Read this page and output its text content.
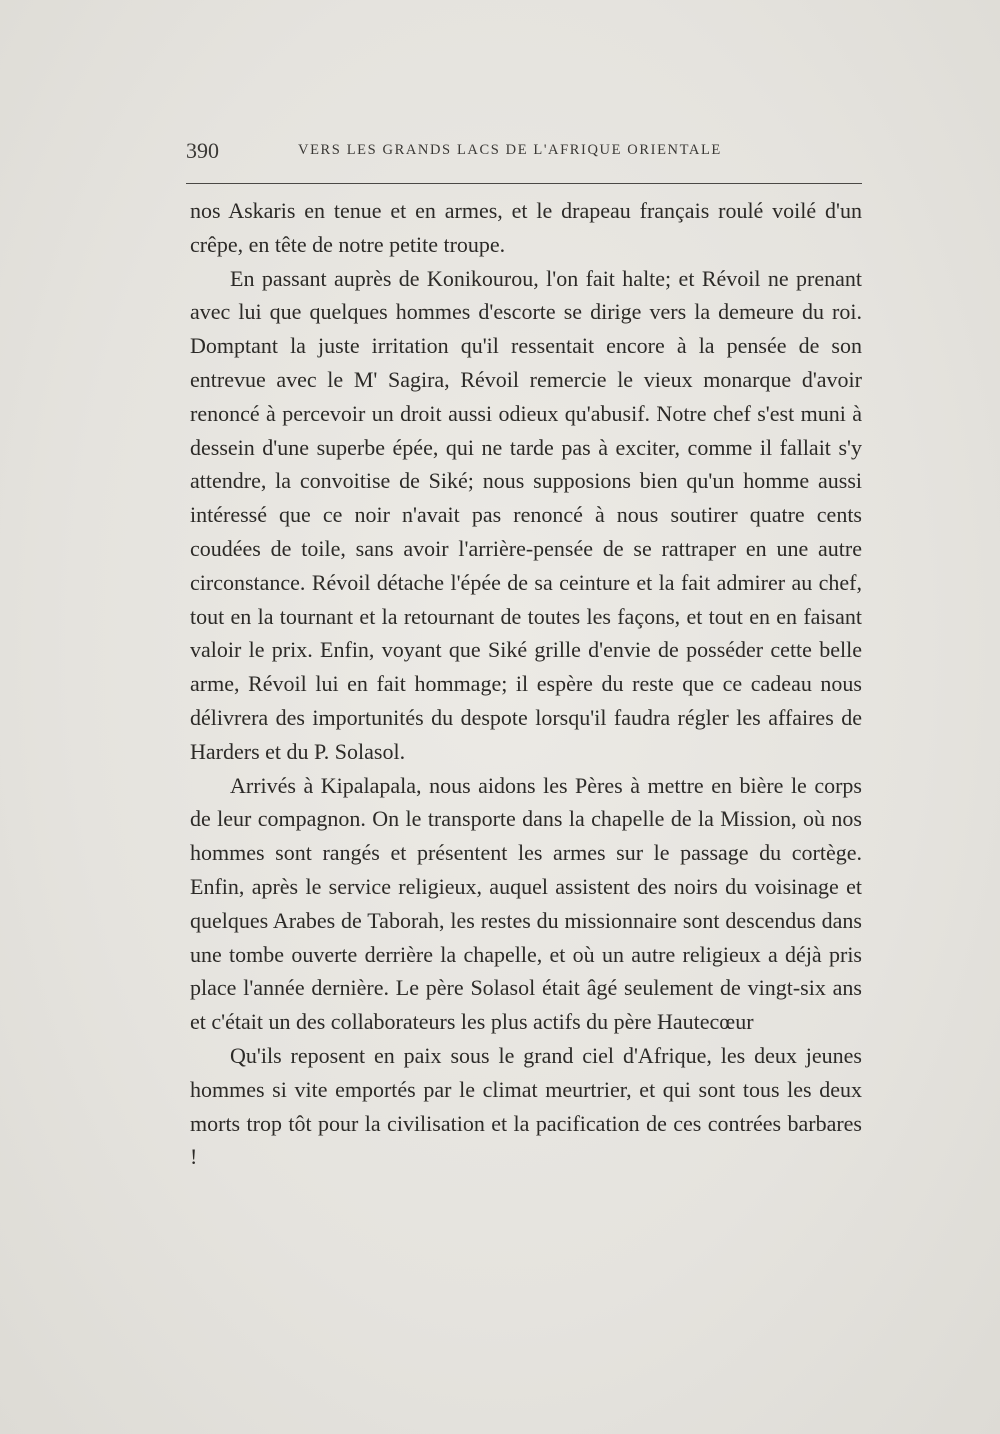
390	VERS LES GRANDS LACS DE L'AFRIQUE ORIENTALE

nos Askaris en tenue et en armes, et le drapeau français roulé voilé d'un crêpe, en tête de notre petite troupe.

En passant auprès de Konikourou, l'on fait halte; et Révoil ne prenant avec lui que quelques hommes d'escorte se dirige vers la demeure du roi. Domptant la juste irritation qu'il ressentait encore à la pensée de son entrevue avec le M' Sagira, Révoil remercie le vieux monarque d'avoir renoncé à percevoir un droit aussi odieux qu'abusif. Notre chef s'est muni à dessein d'une superbe épée, qui ne tarde pas à exciter, comme il fallait s'y attendre, la convoitise de Siké; nous supposions bien qu'un homme aussi intéressé que ce noir n'avait pas renoncé à nous soutirer quatre cents coudées de toile, sans avoir l'arrière-pensée de se rattraper en une autre circonstance. Révoil détache l'épée de sa ceinture et la fait admirer au chef, tout en la tournant et la retournant de toutes les façons, et tout en en faisant valoir le prix. Enfin, voyant que Siké grille d'envie de posséder cette belle arme, Révoil lui en fait hommage; il espère du reste que ce cadeau nous délivrera des importunités du despote lorsqu'il faudra régler les affaires de Harders et du P. Solasol.

Arrivés à Kipalapala, nous aidons les Pères à mettre en bière le corps de leur compagnon. On le transporte dans la chapelle de la Mission, où nos hommes sont rangés et présentent les armes sur le passage du cortège. Enfin, après le service religieux, auquel assistent des noirs du voisinage et quelques Arabes de Taborah, les restes du missionnaire sont descendus dans une tombe ouverte derrière la chapelle, et où un autre religieux a déjà pris place l'année dernière. Le père Solasol était âgé seulement de vingt-six ans et c'était un des collaborateurs les plus actifs du père Hautecœur

Qu'ils reposent en paix sous le grand ciel d'Afrique, les deux jeunes hommes si vite emportés par le climat meurtrier, et qui sont tous les deux morts trop tôt pour la civilisation et la pacification de ces contrées barbares !
